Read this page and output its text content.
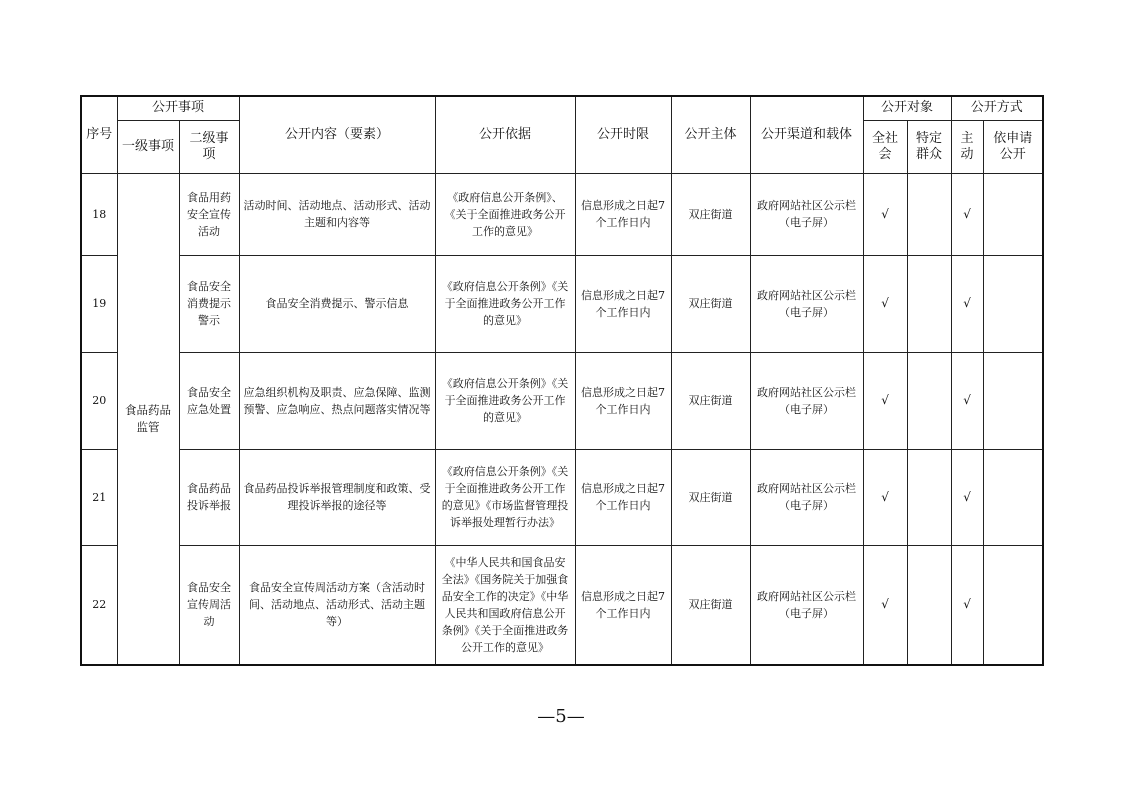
序号	公开事项		公开内容（要素）	公开依据	公开时限	公开主体	公开渠道和载体	公开对象		公开方式	
	一级事项	二级事项						全社会	特定群众	主动	依申请公开
18	食品药品监管	食品用药安全宣传活动	活动时间、活动地点、活动形式、活动主题和内容等	《政府信息公开条例》、《关于全面推进政务公开工作的意见》	信息形成之日起7个工作日内	双庄街道	政府网站社区公示栏（电子屏）	√		√	
19		食品安全消费提示警示	食品安全消费提示、警示信息	《政府信息公开条例》《关于全面推进政务公开工作的意见》	信息形成之日起7个工作日内	双庄街道	政府网站社区公示栏（电子屏）	√		√	
20		食品安全应急处置	应急组织机构及职责、应急保障、监测预警、应急响应、热点问题落实情况等	《政府信息公开条例》《关于全面推进政务公开工作的意见》	信息形成之日起7个工作日内	双庄街道	政府网站社区公示栏（电子屏）	√		√	
21		食品药品投诉举报	食品药品投诉举报管理制度和政策、受理投诉举报的途径等	《政府信息公开条例》《关于全面推进政务公开工作的意见》《市场监督管理投诉举报处理暂行办法》	信息形成之日起7个工作日内	双庄街道	政府网站社区公示栏（电子屏）	√		√	
22		食品安全宣传周活动	食品安全宣传周活动方案（含活动时间、活动地点、活动形式、活动主题等）	《中华人民共和国食品安全法》《国务院关于加强食品安全工作的决定》《中华人民共和国政府信息公开条例》《关于全面推进政务公开工作的意见》	信息形成之日起7个工作日内	双庄街道	政府网站社区公示栏（电子屏）	√		√	
—5—
